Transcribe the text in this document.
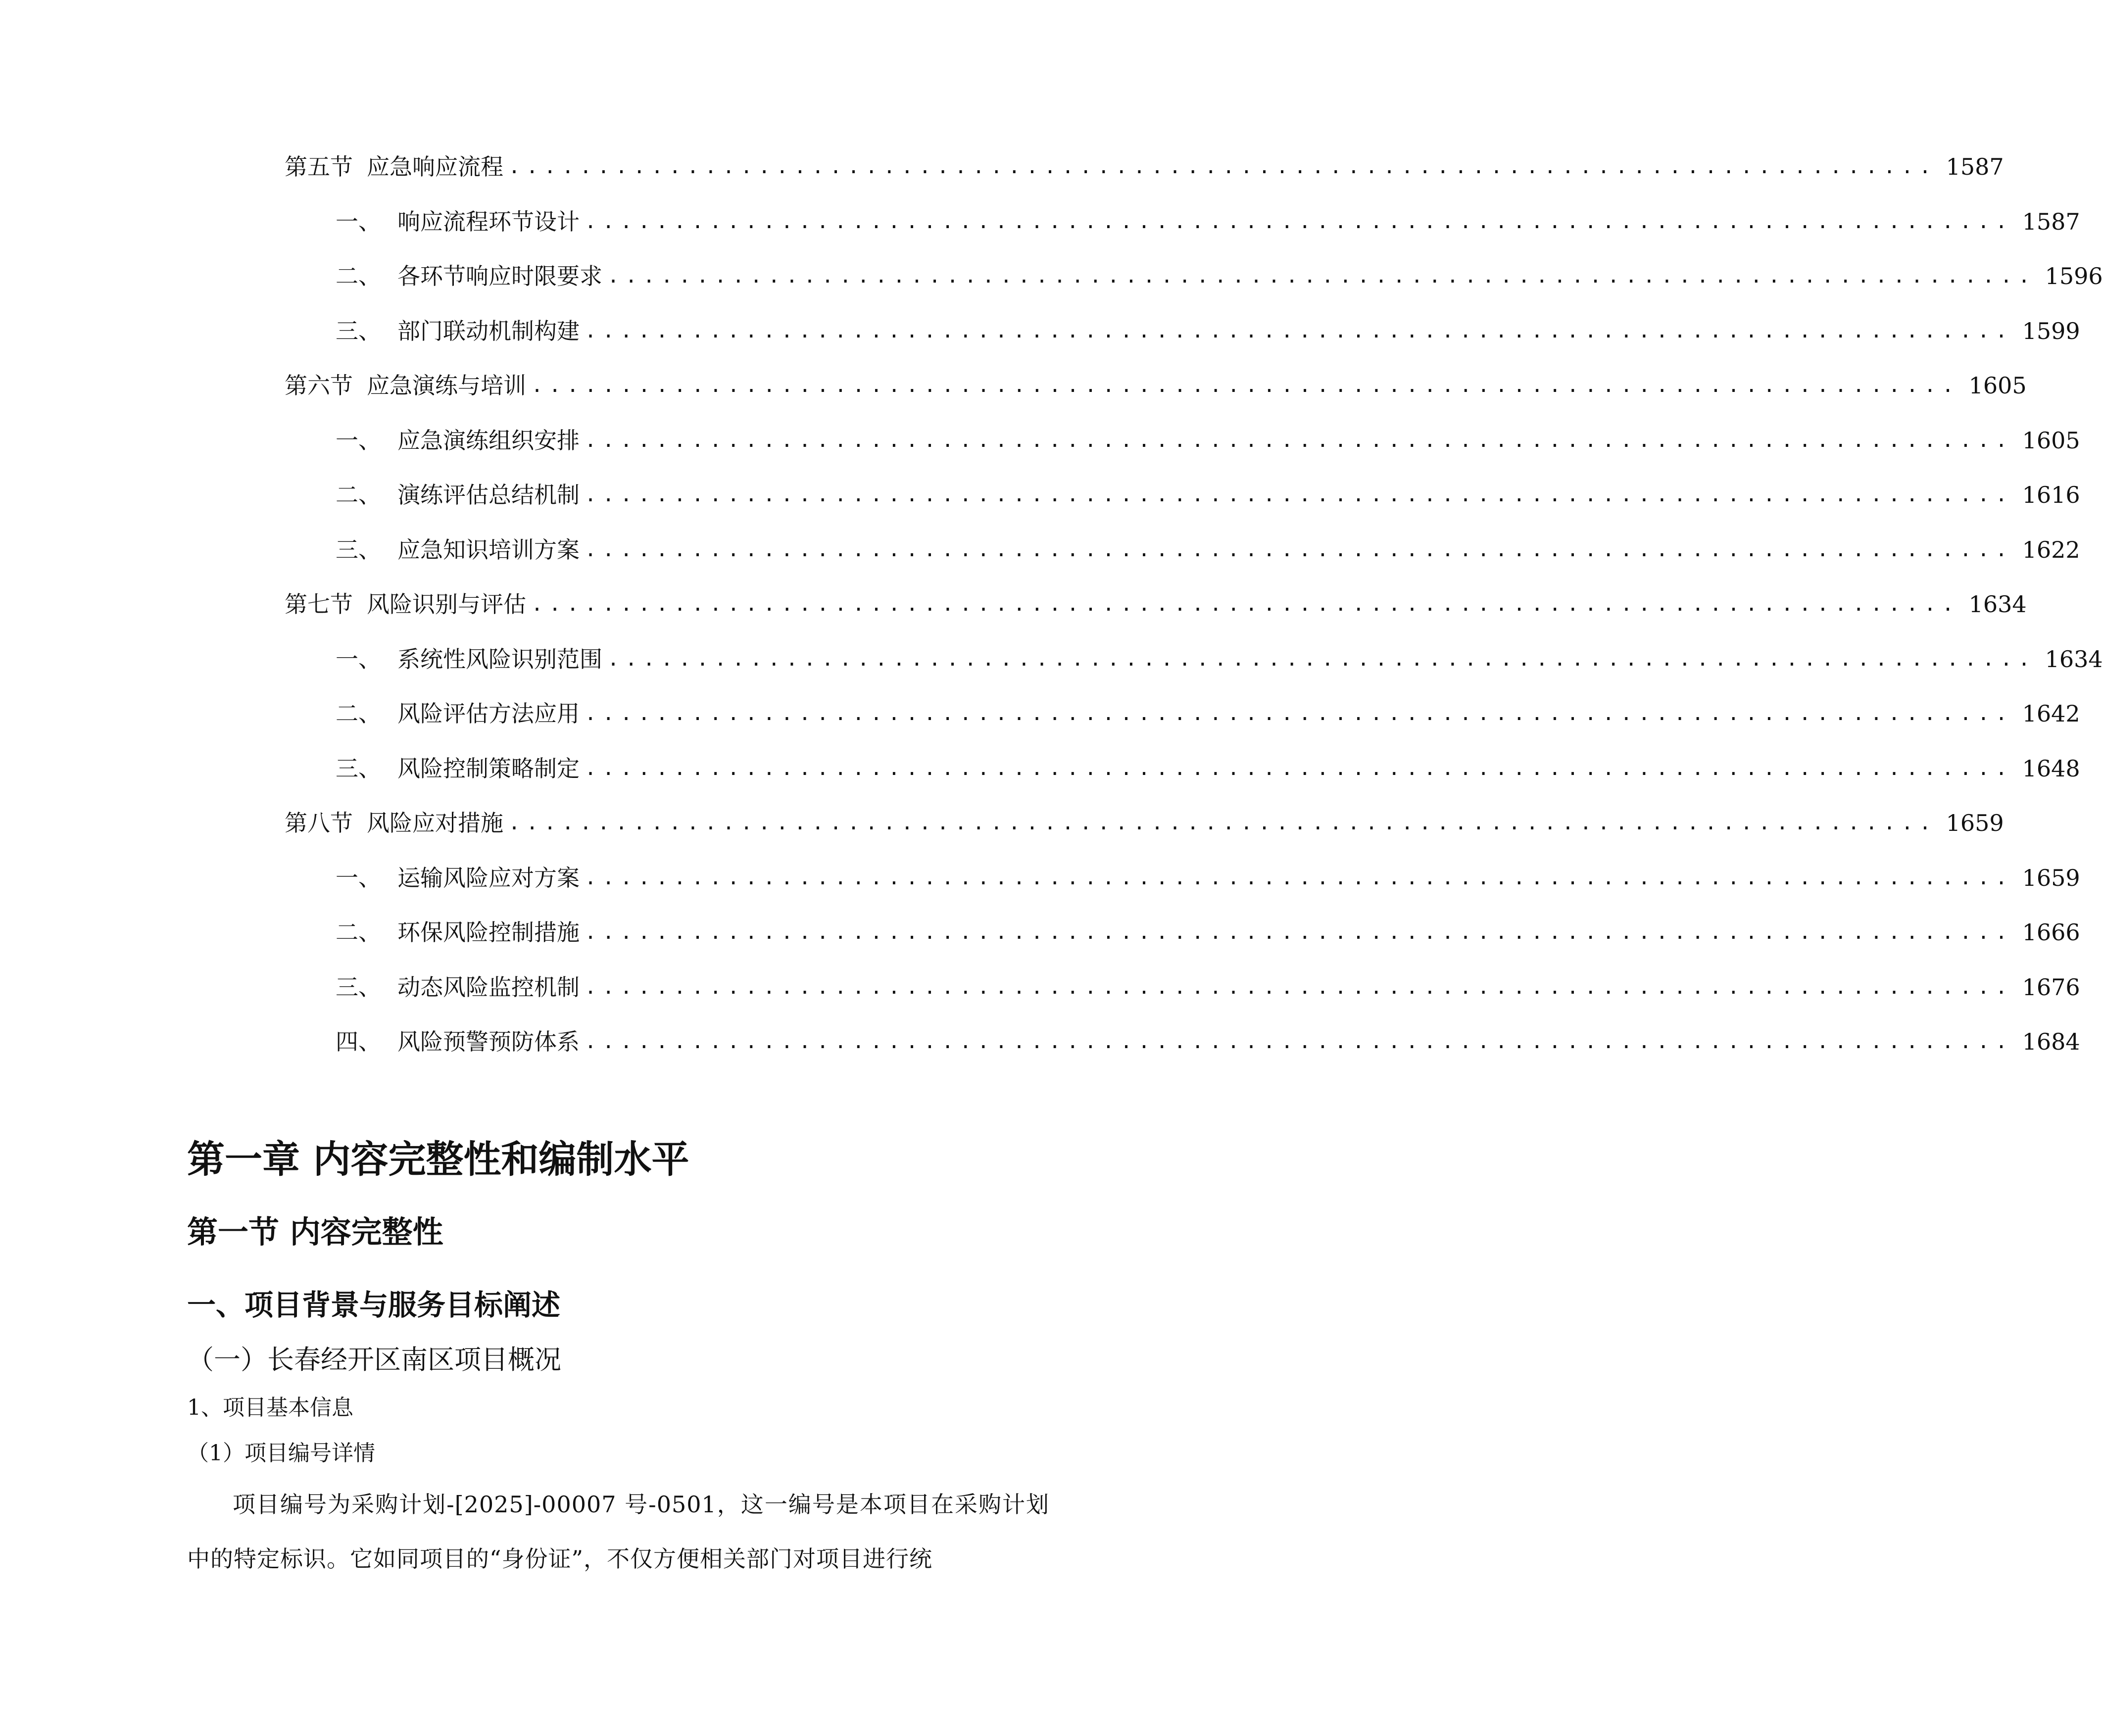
第五节 应急响应流程 ................................................................................ 1587
一、 响应流程环节设计 ................................................................................ 1587
二、 各环节响应时限要求 ................................................................................ 1596
三、 部门联动机制构建 ................................................................................ 1599
第六节 应急演练与培训 ................................................................................ 1605
一、 应急演练组织安排 ................................................................................ 1605
二、 演练评估总结机制 ................................................................................ 1616
三、 应急知识培训方案 ................................................................................ 1622
第七节 风险识别与评估 ................................................................................ 1634
一、 系统性风险识别范围 ................................................................................ 1634
二、 风险评估方法应用 ................................................................................ 1642
三、 风险控制策略制定 ................................................................................ 1648
第八节 风险应对措施 ................................................................................ 1659
一、 运输风险应对方案 ................................................................................ 1659
二、 环保风险控制措施 ................................................................................ 1666
三、 动态风险监控机制 ................................................................................ 1676
四、 风险预警预防体系 ................................................................................ 1684
第一章 内容完整性和编制水平
第一节 内容完整性
一、项目背景与服务目标阐述
（一）长春经开区南区项目概况
1、项目基本信息
（1）项目编号详情
项目编号为采购计划-[2025]-00007 号-0501，这一编号是本项目在采购计划中的特定标识。它如同项目的“身份证”，不仅方便相关部门对项目进行统
